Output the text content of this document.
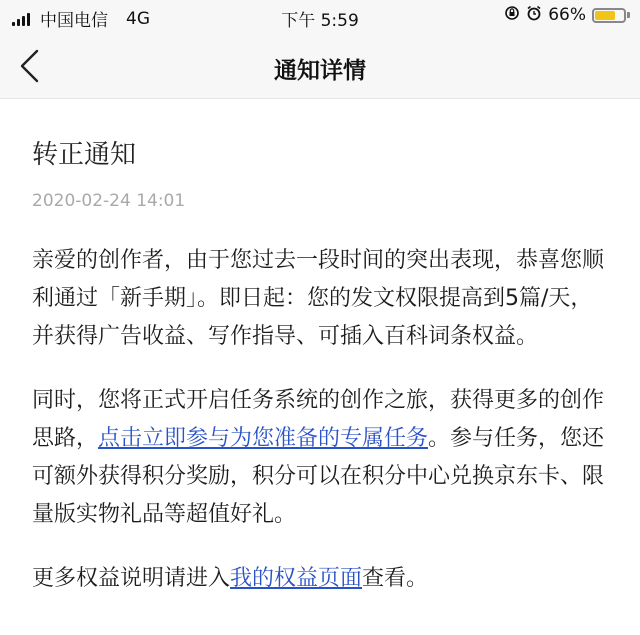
中国电信 4G	下午 5:59	66%
通知详情
转正通知
2020-02-24 14:01

亲爱的创作者，由于您过去一段时间的突出表现，恭喜您顺利通过「新手期」。即日起：您的发文权限提高到5篇/天，并获得广告收益、写作指导、可插入百科词条权益。

同时，您将正式开启任务系统的创作之旅，获得更多的创作思路，点击立即参与为您准备的专属任务。参与任务，您还可额外获得积分奖励，积分可以在积分中心兑换京东卡、限量版实物礼品等超值好礼。

更多权益说明请进入我的权益页面查看。
